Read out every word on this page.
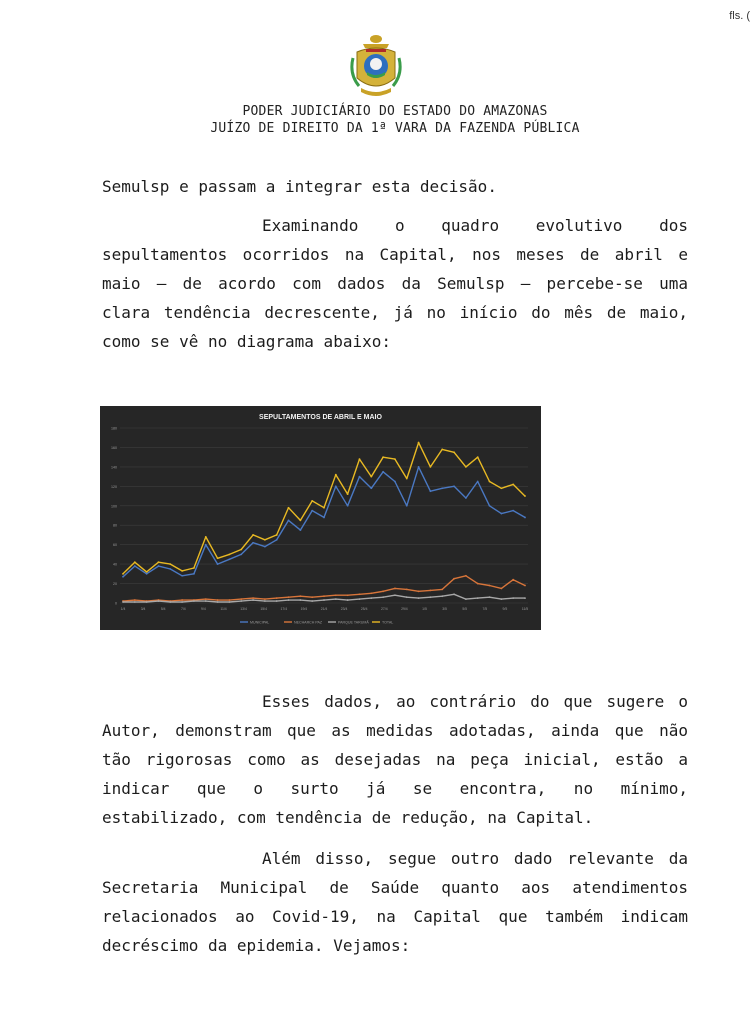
fls. (
PODER JUDICIÁRIO DO ESTADO DO AMAZONAS
JUÍZO DE DIREITO DA 1ª VARA DA FAZENDA PÚBLICA
Semulsp e passam a integrar esta decisão.
Examinando o quadro evolutivo dos
sepultamentos ocorridos na Capital, nos meses de abril e
maio — de acordo com dados da Semulsp — percebe-se uma
clara tendência decrescente, já no início do mês de maio,
como se vê no diagrama abaixo:
SEPULTAMENTOS DE ABRIL E MAIO
0
20
40
60
80
100
120
140
160
180
1/4	3/4	5/4	7/4	9/4	11/4	13/4	15/4	17/4	19/4	21/4	23/4	25/4	27/4	29/4	1/5	3/5	5/5	7/5	9/5	11/5
MUNICIPAL	NECHARCH PAZ	PARQUE TARUMÃ	TOTAL
Esses dados, ao contrário do que sugere o
Autor, demonstram que as medidas adotadas, ainda que não
tão rigorosas como as desejadas na peça inicial, estão a
indicar que o surto já se encontra, no mínimo,
estabilizado, com tendência de redução, na Capital.
Além disso, segue outro dado relevante da
Secretaria Municipal de Saúde quanto aos atendimentos
relacionados ao Covid-19, na Capital que também indicam
decréscimo da epidemia. Vejamos:
